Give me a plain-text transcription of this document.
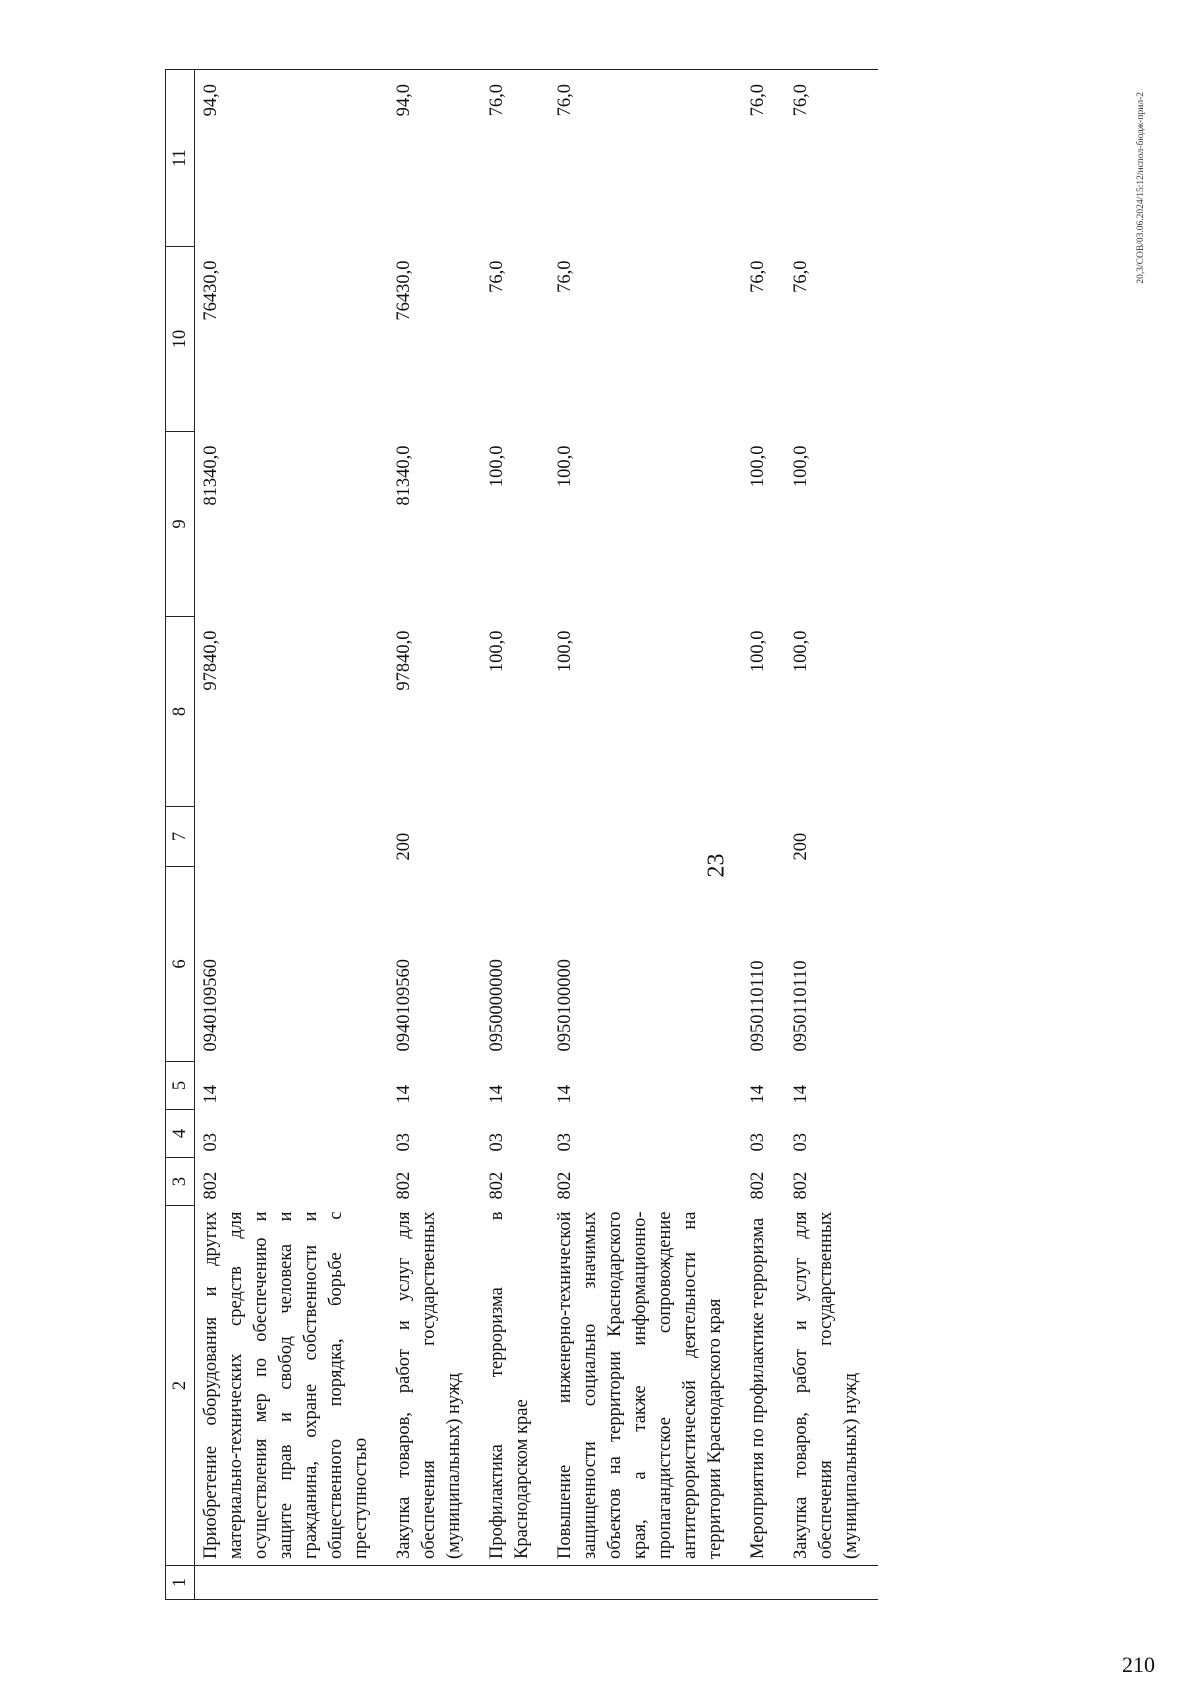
23
20,3/СОВ/03.06.2024/15:12/испол-бюдж-прил-2
210
1	2	3	4	5	6	7	8	9	10	11
	Приобретение оборудования и других материально-технических средств для осуществления мер по обеспечению и защите прав и свобод человека и гражданина, охране собственности и общественного порядка, борьбе с преступностью	802	03	14	0940109560		97840,0	81340,0	76430,0	94,0
	Закупка товаров, работ и услуг для обеспечения государственных (муниципальных) нужд	802	03	14	0940109560	200	97840,0	81340,0	76430,0	94,0
	Профилактика терроризма в Краснодарском крае	802	03	14	0950000000		100,0	100,0	76,0	76,0
	Повышение инженерно-технической защищенности социально значимых объектов на территории Краснодарского края, а также информационно-пропагандистское сопровождение антитеррористической деятельности на территории Краснодарского края	802	03	14	0950100000		100,0	100,0	76,0	76,0
	Мероприятия по профилактике терроризма	802	03	14	0950110110		100,0	100,0	76,0	76,0
	Закупка товаров, работ и услуг для обеспечения государственных (муниципальных) нужд	802	03	14	0950110110	200	100,0	100,0	76,0	76,0
